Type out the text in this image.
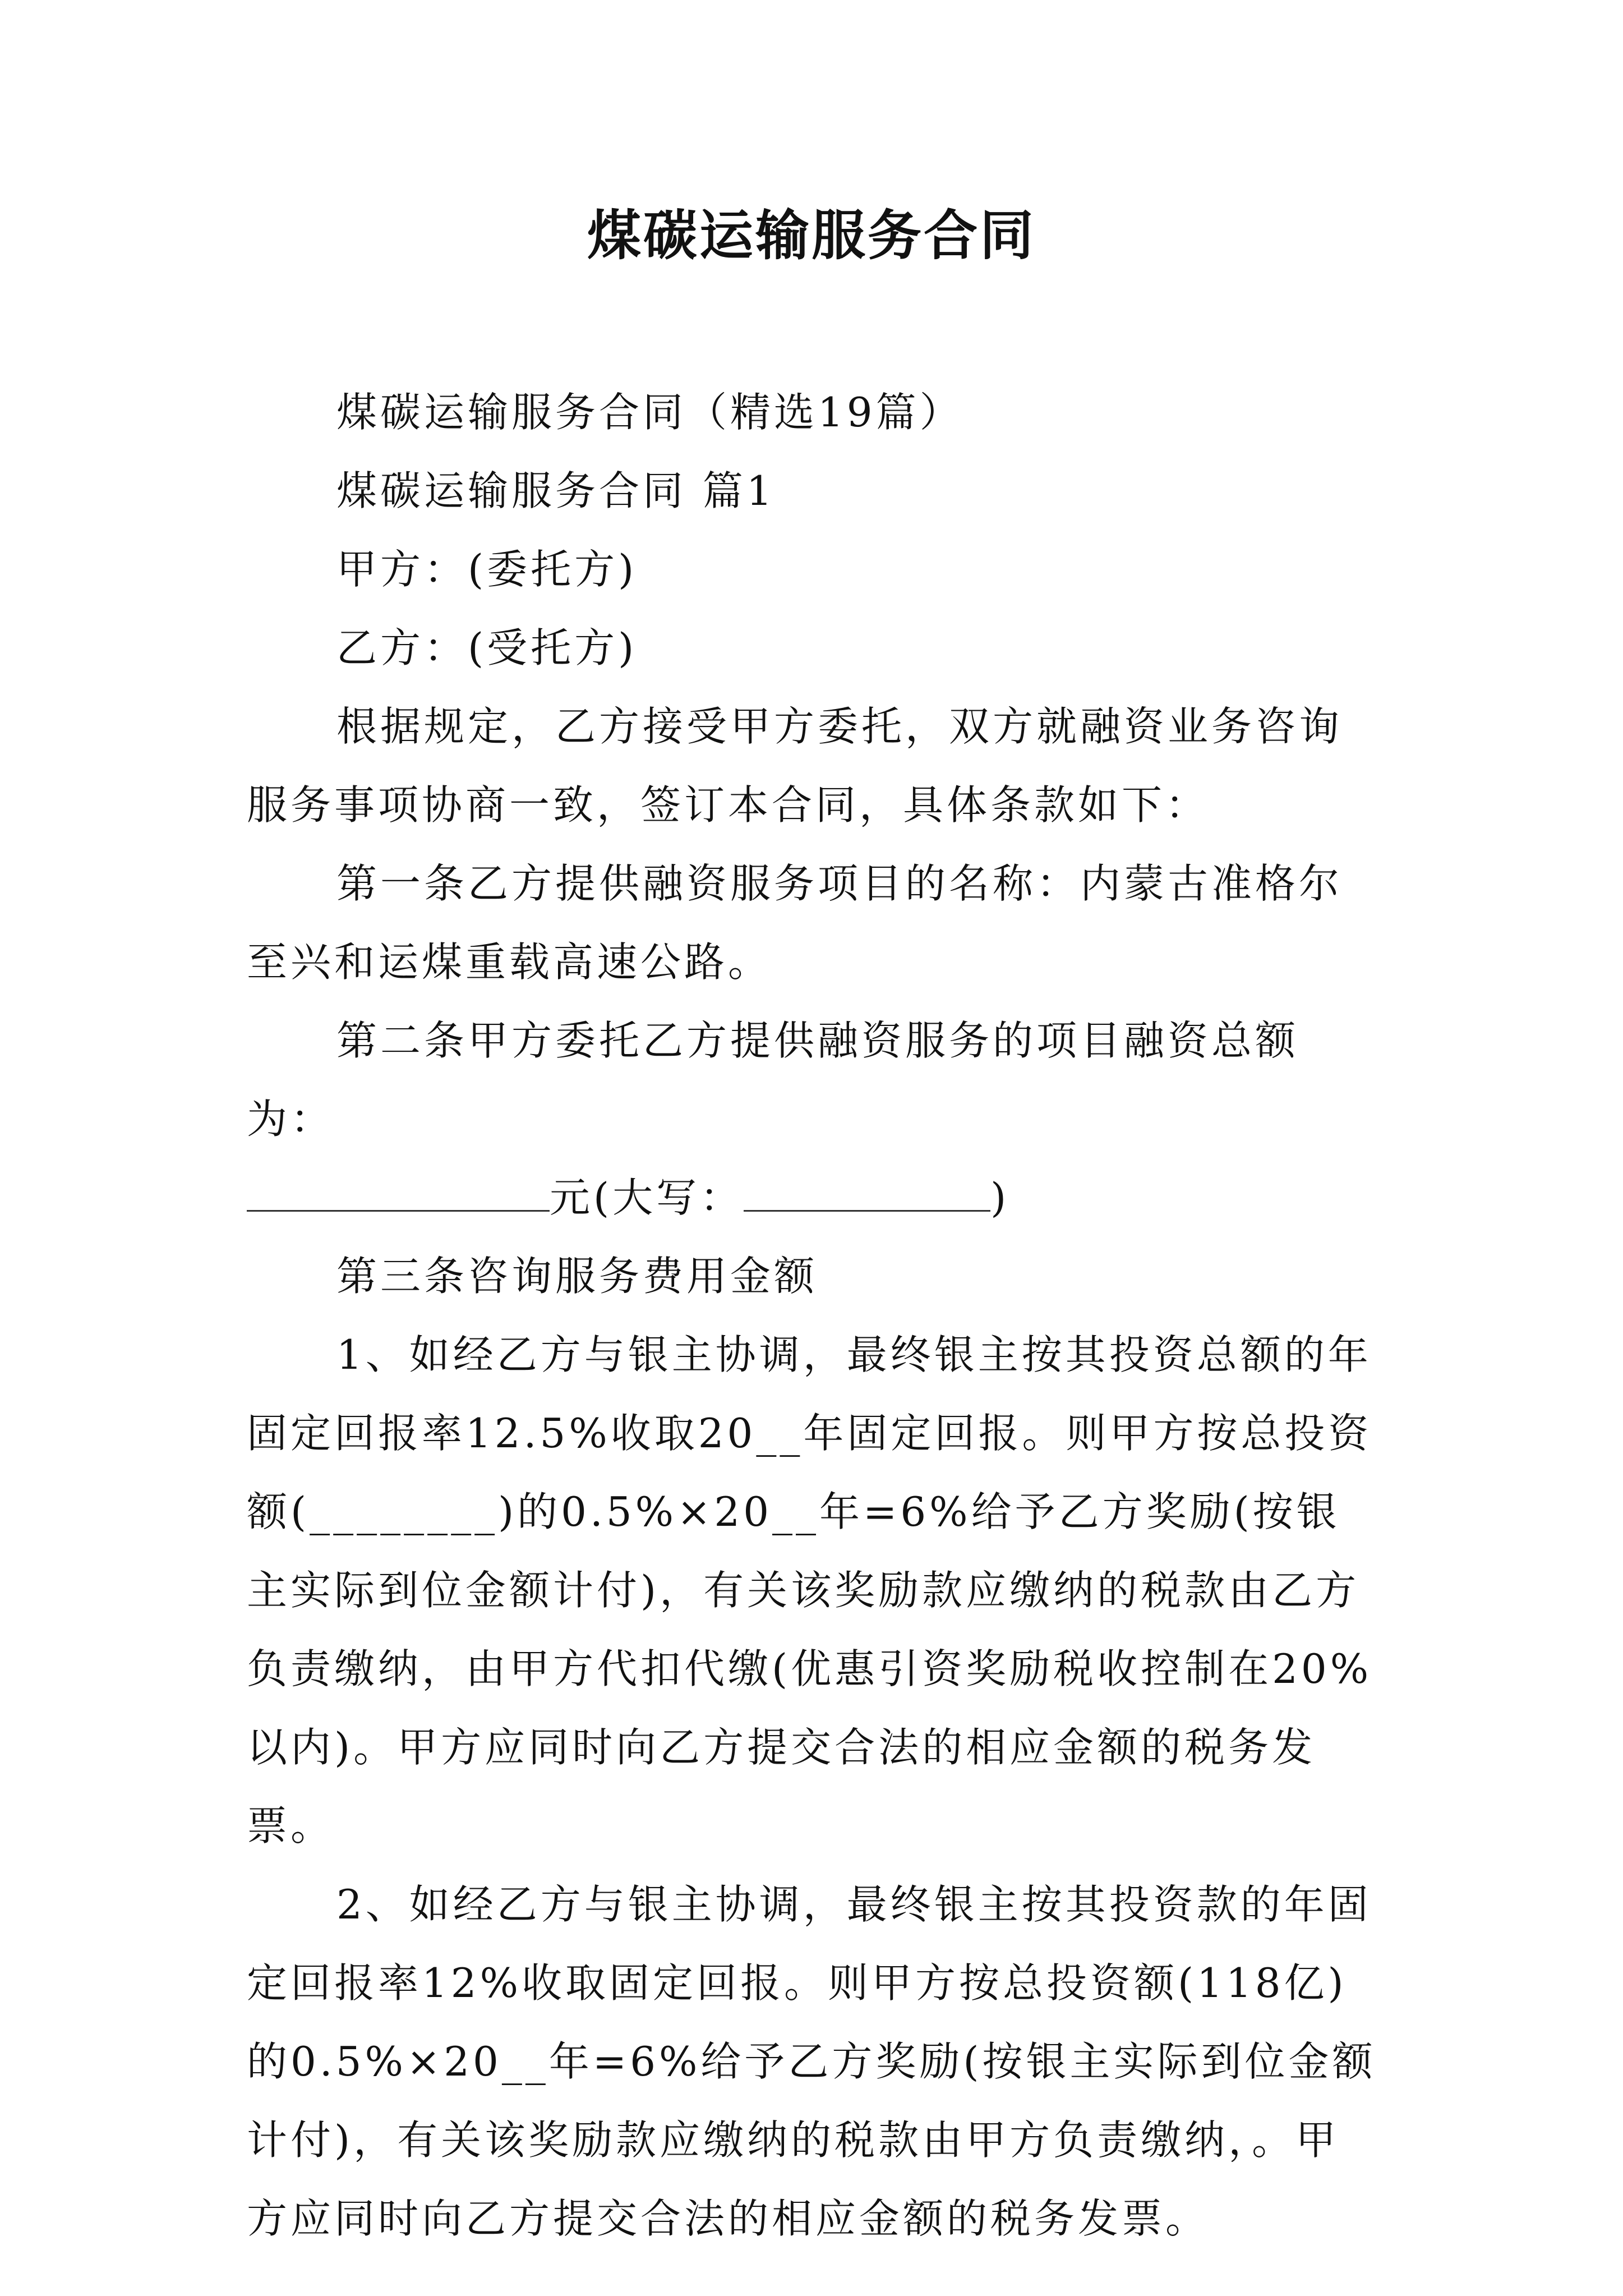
煤碳运输服务合同

煤碳运输服务合同（精选19篇）

煤碳运输服务合同 篇1

甲方：(委托方)

乙方：(受托方)

根据规定，乙方接受甲方委托，双方就融资业务咨询服务事项协商一致，签订本合同，具体条款如下：

第一条乙方提供融资服务项目的名称：内蒙古准格尔至兴和运煤重载高速公路。

第二条甲方委托乙方提供融资服务的项目融资总额为：

元(大写：	)

第三条咨询服务费用金额

1、如经乙方与银主协调，最终银主按其投资总额的年固定回报率12.5%收取20__年固定回报。则甲方按总投资额(________)的0.5%×20__年=6%给予乙方奖励(按银主实际到位金额计付)，有关该奖励款应缴纳的税款由乙方负责缴纳，由甲方代扣代缴(优惠引资奖励税收控制在20%以内)。甲方应同时向乙方提交合法的相应金额的税务发票。

2、如经乙方与银主协调，最终银主按其投资款的年固定回报率12%收取固定回报。则甲方按总投资额(118亿)的0.5%×20__年=6%给予乙方奖励(按银主实际到位金额计付)，有关该奖励款应缴纳的税款由甲方负责缴纳，。甲方应同时向乙方提交合法的相应金额的税务发票。
